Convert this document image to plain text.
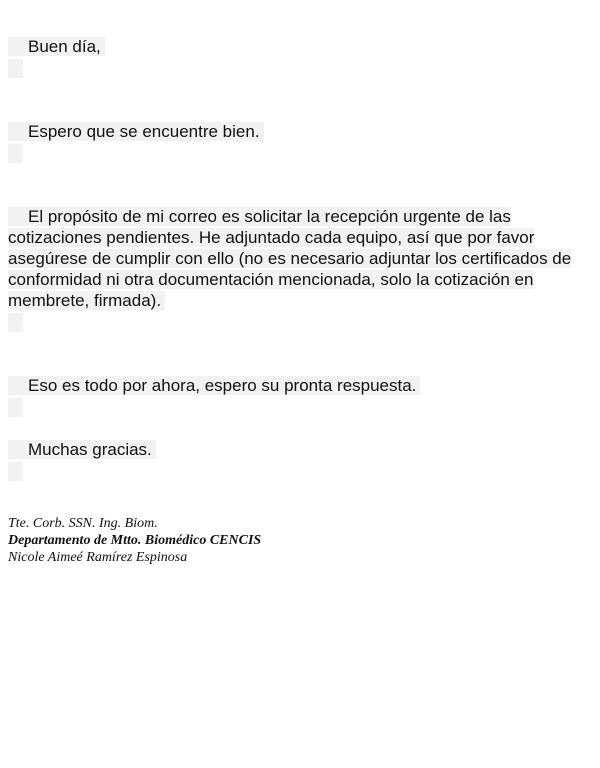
Buen día,

Espero que se encuentre bien.

El propósito de mi correo es solicitar la recepción urgente de las cotizaciones pendientes. He adjuntado cada equipo, así que por favor asegúrese de cumplir con ello (no es necesario adjuntar los certificados de conformidad ni otra documentación mencionada, solo la cotización en membrete, firmada).

Eso es todo por ahora, espero su pronta respuesta.

Muchas gracias.

Tte. Corb. SSN. Ing. Biom.
Departamento de Mtto. Biomédico CENCIS
Nicole Aimeé Ramírez Espinosa
